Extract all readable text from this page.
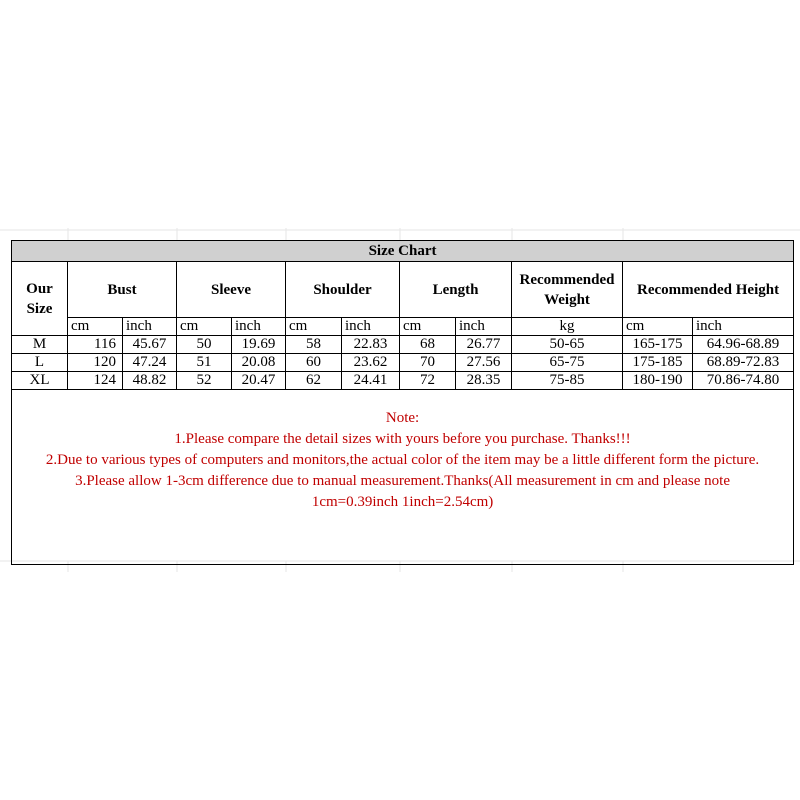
Size Chart											
Our Size	Bust		Sleeve		Shoulder		Length		Recommended Weight	Recommended Height	
	cm	inch	cm	inch	cm	inch	cm	inch	kg	cm	inch
M	116	45.67	50	19.69	58	22.83	68	26.77	50-65	165-175	64.96-68.89
L	120	47.24	51	20.08	60	23.62	70	27.56	65-75	175-185	68.89-72.83
XL	124	48.82	52	20.47	62	24.41	72	28.35	75-85	180-190	70.86-74.80

Note:
1.Please compare the detail sizes with yours before you purchase. Thanks!!!
2.Due to various types of computers and monitors,the actual color of the item may be a little different form the picture.
3.Please allow 1-3cm difference due to manual measurement.Thanks(All measurement in cm and please note
1cm=0.39inch 1inch=2.54cm)											
